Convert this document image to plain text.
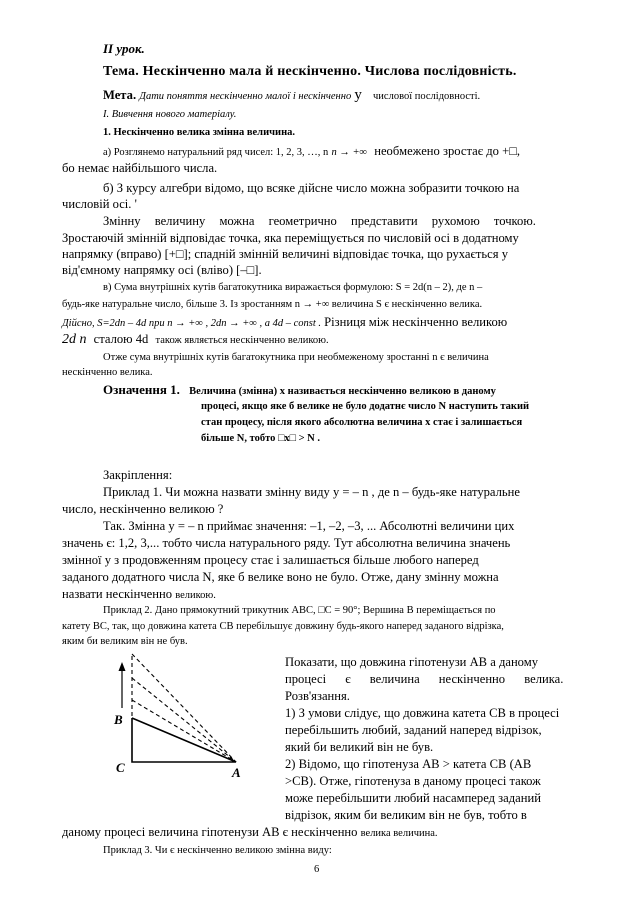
II урок.
Тема. Нескінченно мала й нескінченно. Числова послідовність.
Мета. Дати поняття нескінченно малої і нескінченно у числової послідовності.
I. Вивчення нового матеріалу.
1. Нескінченно велика змінна величина.
а) Розглянемо натуральний ряд чисел: 1, 2, 3, …, n n → +∞ необмежено зростає до +□,
бо немає найбільшого числа.
б) З курсу алгебри відомо, що всяке дійсне число можна зобразити точкою на
числовій осі. '
Змінну величину можна геометрично представити рухомою точкою.
Зростаючій змінній відповідає точка, яка переміщується по числовій осі в додатному
напрямку (вправо) [+□]; спадній змінній величині відповідає точка, що рухається у
від'ємному напрямку осі (вліво) [–□].
в) Сума внутрішніх кутів багатокутника виражається формулою: S = 2d(n – 2), де n –
будь-яке натуральне число, більше 3. Із зростанням n → +∞ величина S є нескінченно велика.
Дійсно, S=2dn – 4d при n → +∞ , 2dn → +∞ , а 4d – const . Різниця між нескінченно великою
2d n сталою 4d також являється нескінченно великою.
Отже сума внутрішніх кутів багатокутника при необмеженому зростанні n є величина
нескінченно велика.
Означення 1. Величина (змінна) x називається нескінченно великою в даному
процесі, якщо яке б велике не було додатнє число N наступить такий
стан процесу, після якого абсолютна величина x стає і залишається
більше N, тобто □x□ > N .
Закріплення:
Приклад 1. Чи можна назвати змінну виду y = – n , де n – будь-яке натуральне
число, нескінченно великою ?
Так. Змінна y = – n приймає значення: –1, –2, –3, ... Абсолютні величини цих
значень є: 1,2, 3,... тобто числа натурального ряду. Тут абсолютна величина значень
змінної y з продовженням процесу стає і залишається більше любого наперед
заданого додатного числа N, яке б велике воно не було. Отже, дану змінну можна
назвати нескінченно великою.
Приклад 2. Дано прямокутний трикутник ABC, □C = 90°; Вершина B переміщається по
катету BC, так, що довжина катета CB перебільшує довжину будь-якого наперед заданого відрізка,
яким би великим він не був.
Показати, що довжина гіпотенузи AB а даному
процесі є величина нескінченно велика.
Розв'язання.
1) З умови слідує, що довжина катета CB в процесі
перебільшить любий, заданий наперед відрізок,
який би великий він не був.
2) Відомо, що гіпотенуза AB > катета CB (AB
>CB). Отже, гіпотенуза в даному процесі також
може перебільшити любий насамперед заданий
відрізок, яким би великим він не був, тобто в
даному процесі величина гіпотенузи AB є нескінченно велика величина.
Приклад 3. Чи є нескінченно великою змінна виду:
B
C	A
6
